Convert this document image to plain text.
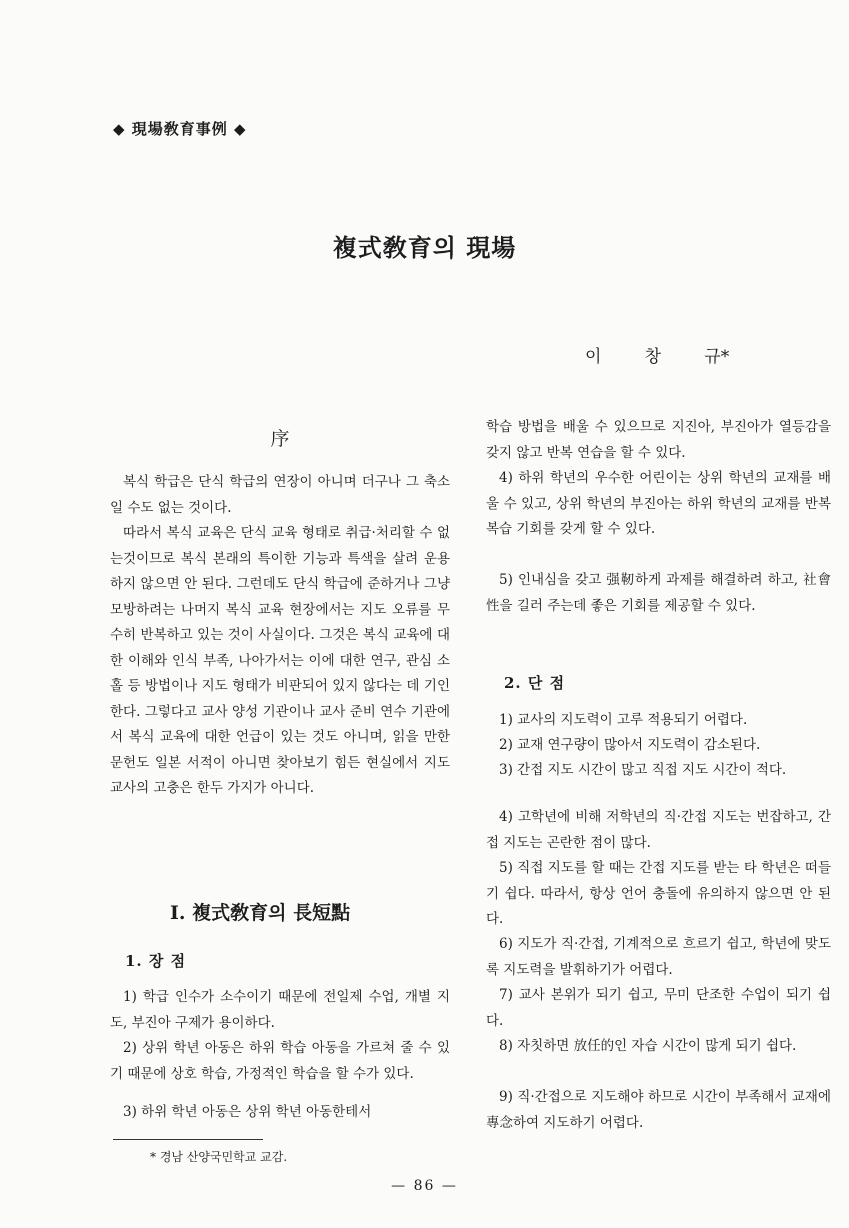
◆ 現場敎育事例 ◆
複式敎育의 現場
이        창        규*
序

복식 학급은 단식 학급의 연장이 아니며 더구나 그 축소일 수도 없는 것이다.

따라서 복식 교육은 단식 교육 형태로 취급·처리할 수 없는것이므로 복식 본래의 특이한 기능과 특색을 살려 운용하지 않으면 안 된다. 그런데도 단식 학급에 준하거나 그냥 모방하려는 나머지 복식 교육 현장에서는 지도 오류를 무수히 반복하고 있는 것이 사실이다. 그것은 복식 교육에 대한 이해와 인식 부족, 나아가서는 이에 대한 연구, 관심 소홀 등 방법이나 지도 형태가 비판되어 있지 않다는 데 기인한다. 그렇다고 교사 양성 기관이나 교사 준비 연수 기관에서 복식 교육에 대한 언급이 있는 것도 아니며, 읽을 만한 문헌도 일본 서적이 아니면 찾아보기 힘든 현실에서 지도 교사의 고충은 한두 가지가 아니다.

Ⅰ. 複式敎育의 長短點
1. 장 점

1) 학급 인수가 소수이기 때문에 전일제 수업, 개별 지도, 부진아 구제가 용이하다.

2) 상위 학년 아동은 하위 학습 아동을 가르쳐 줄 수 있기 때문에 상호 학습, 가정적인 학습을 할 수가 있다.

3) 하위 학년 아동은 상위 학년 아동한테서

학습 방법을 배울 수 있으므로 지진아, 부진아가 열등감을 갖지 않고 반복 연습을 할 수 있다.

4) 하위 학년의 우수한 어린이는 상위 학년의 교재를 배울 수 있고, 상위 학년의 부진아는 하위 학년의 교재를 반복 복습 기회를 갖게 할 수 있다.

5) 인내심을 갖고 强靭하게 과제를 해결하려 하고, 社會性을 길러 주는데 좋은 기회를 제공할 수 있다.

2. 단 점

1) 교사의 지도력이 고루 적용되기 어렵다.

2) 교재 연구량이 많아서 지도력이 감소된다.

3) 간접 지도 시간이 많고 직접 지도 시간이 적다.

4) 고학년에 비해 저학년의 직·간접 지도는 번잡하고, 간접 지도는 곤란한 점이 많다.

5) 직접 지도를 할 때는 간접 지도를 받는 타 학년은 떠들기 쉽다. 따라서, 항상 언어 충돌에 유의하지 않으면 안 된다.

6) 지도가 직·간접, 기계적으로 흐르기 쉽고, 학년에 맞도록 지도력을 발휘하기가 어렵다.

7) 교사 본위가 되기 쉽고, 무미 단조한 수업이 되기 쉽다.

8) 자칫하면 放任的인 자습 시간이 많게 되기 쉽다.

9) 직·간접으로 지도해야 하므로 시간이 부족해서 교재에 專念하여 지도하기 어렵다.

* 경남 산양국민학교 교감.
— 86 —
